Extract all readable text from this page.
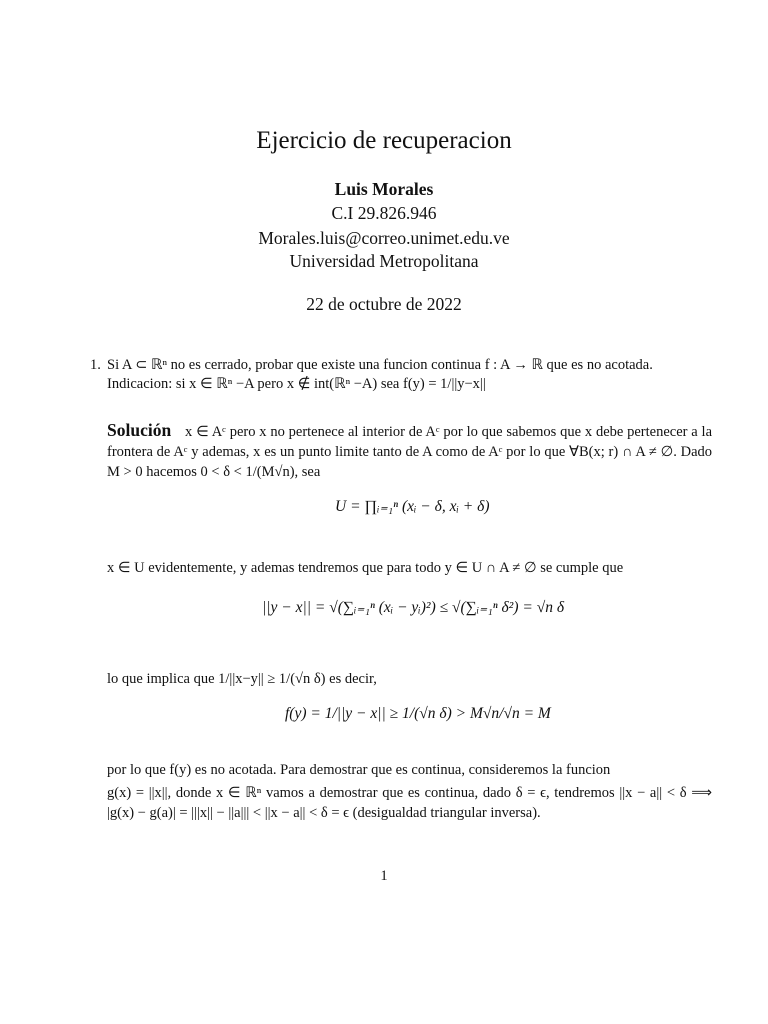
Ejercicio de recuperacion
Luis Morales
C.I 29.826.946
Morales.luis@correo.unimet.edu.ve
Universidad Metropolitana
22 de octubre de 2022
1. Si A ⊂ ℝⁿ no es cerrado, probar que existe una funcion continua f : A → ℝ que es no acotada.
Indicacion: si x ∈ ℝⁿ −A pero x ∉ int(ℝⁿ −A) sea f(y) = 1/||y−x||
Solución x ∈ Aᶜ pero x no pertenece al interior de Aᶜ por lo que sabemos que x debe pertenecer a la frontera de Aᶜ y ademas, x es un punto limite tanto de A como de Aᶜ por lo que ∀B(x; r) ∩ A ≠ ∅. Dado M > 0 hacemos 0 < δ < 1/(M√n), sea
U = ∏ᵢ₌₁ⁿ (xᵢ − δ, xᵢ + δ)
x ∈ U evidentemente, y ademas tendremos que para todo y ∈ U ∩ A ≠ ∅ se cumple que
||y − x|| = √(∑ᵢ₌₁ⁿ (xᵢ − yᵢ)²) ≤ √(∑ᵢ₌₁ⁿ δ²) = √n δ
lo que implica que 1/||x−y|| ≥ 1/(√n δ) es decir,
f(y) = 1/||y − x|| ≥ 1/(√n δ) > M√n/√n = M
por lo que f(y) es no acotada. Para demostrar que es continua, consideremos la funcion
g(x) = ||x||, donde x ∈ ℝⁿ vamos a demostrar que es continua, dado δ = ϵ, tendremos ||x − a|| < δ ⟹ |g(x) − g(a)| = |||x|| − ||a||| < ||x − a|| < δ = ϵ (desigualdad triangular inversa).
1
